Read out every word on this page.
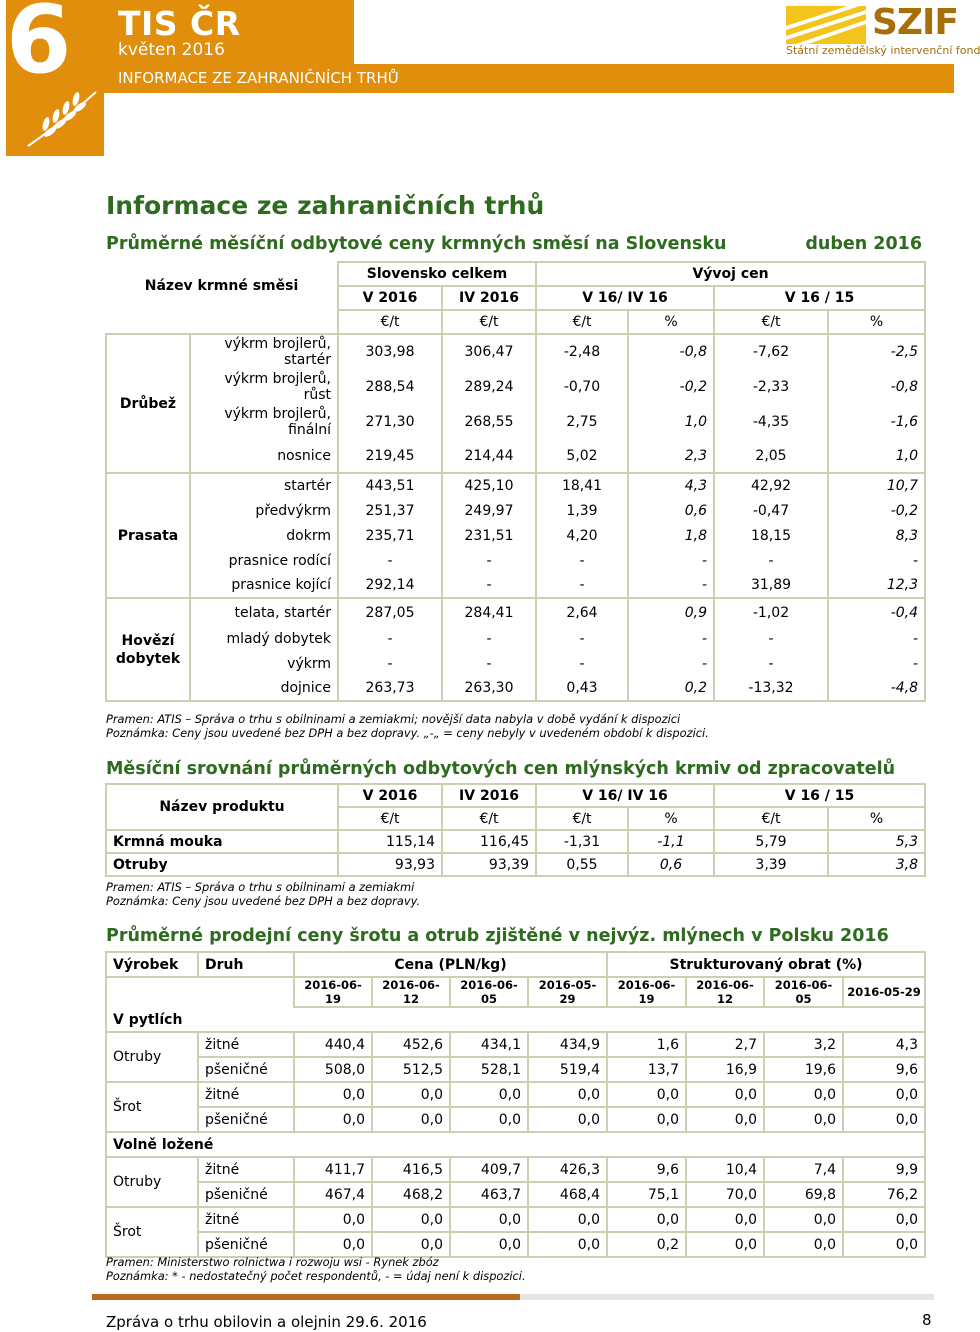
6	TIS ČR
květen 2016
INFORMACE ZE ZAHRANIČNÍCH TRHŮ
SZIF
Státní zemědělský intervenční fond
Informace ze zahraničních trhů
Průměrné měsíční odbytové ceny krmných směsí na Slovensku	duben 2016
Název krmné směsi		Slovensko celkem		Vývoj cen			
		V 2016	IV 2016	V 16/ IV 16		V 16 / 15	
		€/t	€/t	€/t	%	€/t	%
Drůbež	výkrm brojlerů, startér	303,98	306,47	-2,48	-0,8	-7,62	-2,5
	výkrm brojlerů, růst	288,54	289,24	-0,70	-0,2	-2,33	-0,8
	výkrm brojlerů, finální	271,30	268,55	2,75	1,0	-4,35	-1,6
	nosnice	219,45	214,44	5,02	2,3	2,05	1,0
Prasata	startér	443,51	425,10	18,41	4,3	42,92	10,7
	předvýkrm	251,37	249,97	1,39	0,6	-0,47	-0,2
	dokrm	235,71	231,51	4,20	1,8	18,15	8,3
	prasnice rodící	-	-	-	-	-	-
	prasnice kojící	292,14	-	-	-	31,89	12,3
Hovězí dobytek	telata, startér	287,05	284,41	2,64	0,9	-1,02	-0,4
	mladý dobytek	-	-	-	-	-	-
	výkrm	-	-	-	-	-	-
	dojnice	263,73	263,30	0,43	0,2	-13,32	-4,8
Pramen: ATIS – Správa o trhu s obilninami a zemiakmi; novější data nabyla v době vydání k dispozici
Poznámka: Ceny jsou uvedené bez DPH a bez dopravy. „-„ = ceny nebyly v uvedeném období k dispozici.
Měsíční srovnání průměrných odbytových cen mlýnských krmiv od zpracovatelů
Název produktu	V 2016	IV 2016	V 16/ IV 16		V 16 / 15	
	€/t	€/t	€/t	%	€/t	%
Krmná mouka	115,14	116,45	-1,31	-1,1	5,79	5,3
Otruby	93,93	93,39	0,55	0,6	3,39	3,8
Pramen: ATIS – Správa o trhu s obilninami a zemiakmi
Poznámka: Ceny jsou uvedené bez DPH a bez dopravy.
Průměrné prodejní ceny šrotu a otrub zjištěné v nejvýz. mlýnech v Polsku 2016
Výrobek	Druh	Cena (PLN/kg)				Strukturovaný obrat (%)			
		2016-06-19	2016-06-12	2016-06-05	2016-05-29	2016-06-19	2016-06-12	2016-06-05	2016-05-29
V pytlích									
Otruby	žitné	440,4	452,6	434,1	434,9	1,6	2,7	3,2	4,3
	pšeničné	508,0	512,5	528,1	519,4	13,7	16,9	19,6	9,6
Šrot	žitné	0,0	0,0	0,0	0,0	0,0	0,0	0,0	0,0
	pšeničné	0,0	0,0	0,0	0,0	0,0	0,0	0,0	0,0
Volně ložené									
Otruby	žitné	411,7	416,5	409,7	426,3	9,6	10,4	7,4	9,9
	pšeničné	467,4	468,2	463,7	468,4	75,1	70,0	69,8	76,2
Šrot	žitné	0,0	0,0	0,0	0,0	0,0	0,0	0,0	0,0
	pšeničné	0,0	0,0	0,0	0,0	0,2	0,0	0,0	0,0
Pramen: Ministerstwo rolnictwa i rozwoju wsi - Rynek zbóz
Poznámka: * - nedostatečný počet respondentů, - = údaj není k dispozici.
Zpráva o trhu obilovin a olejnin 29.6. 2016	8
